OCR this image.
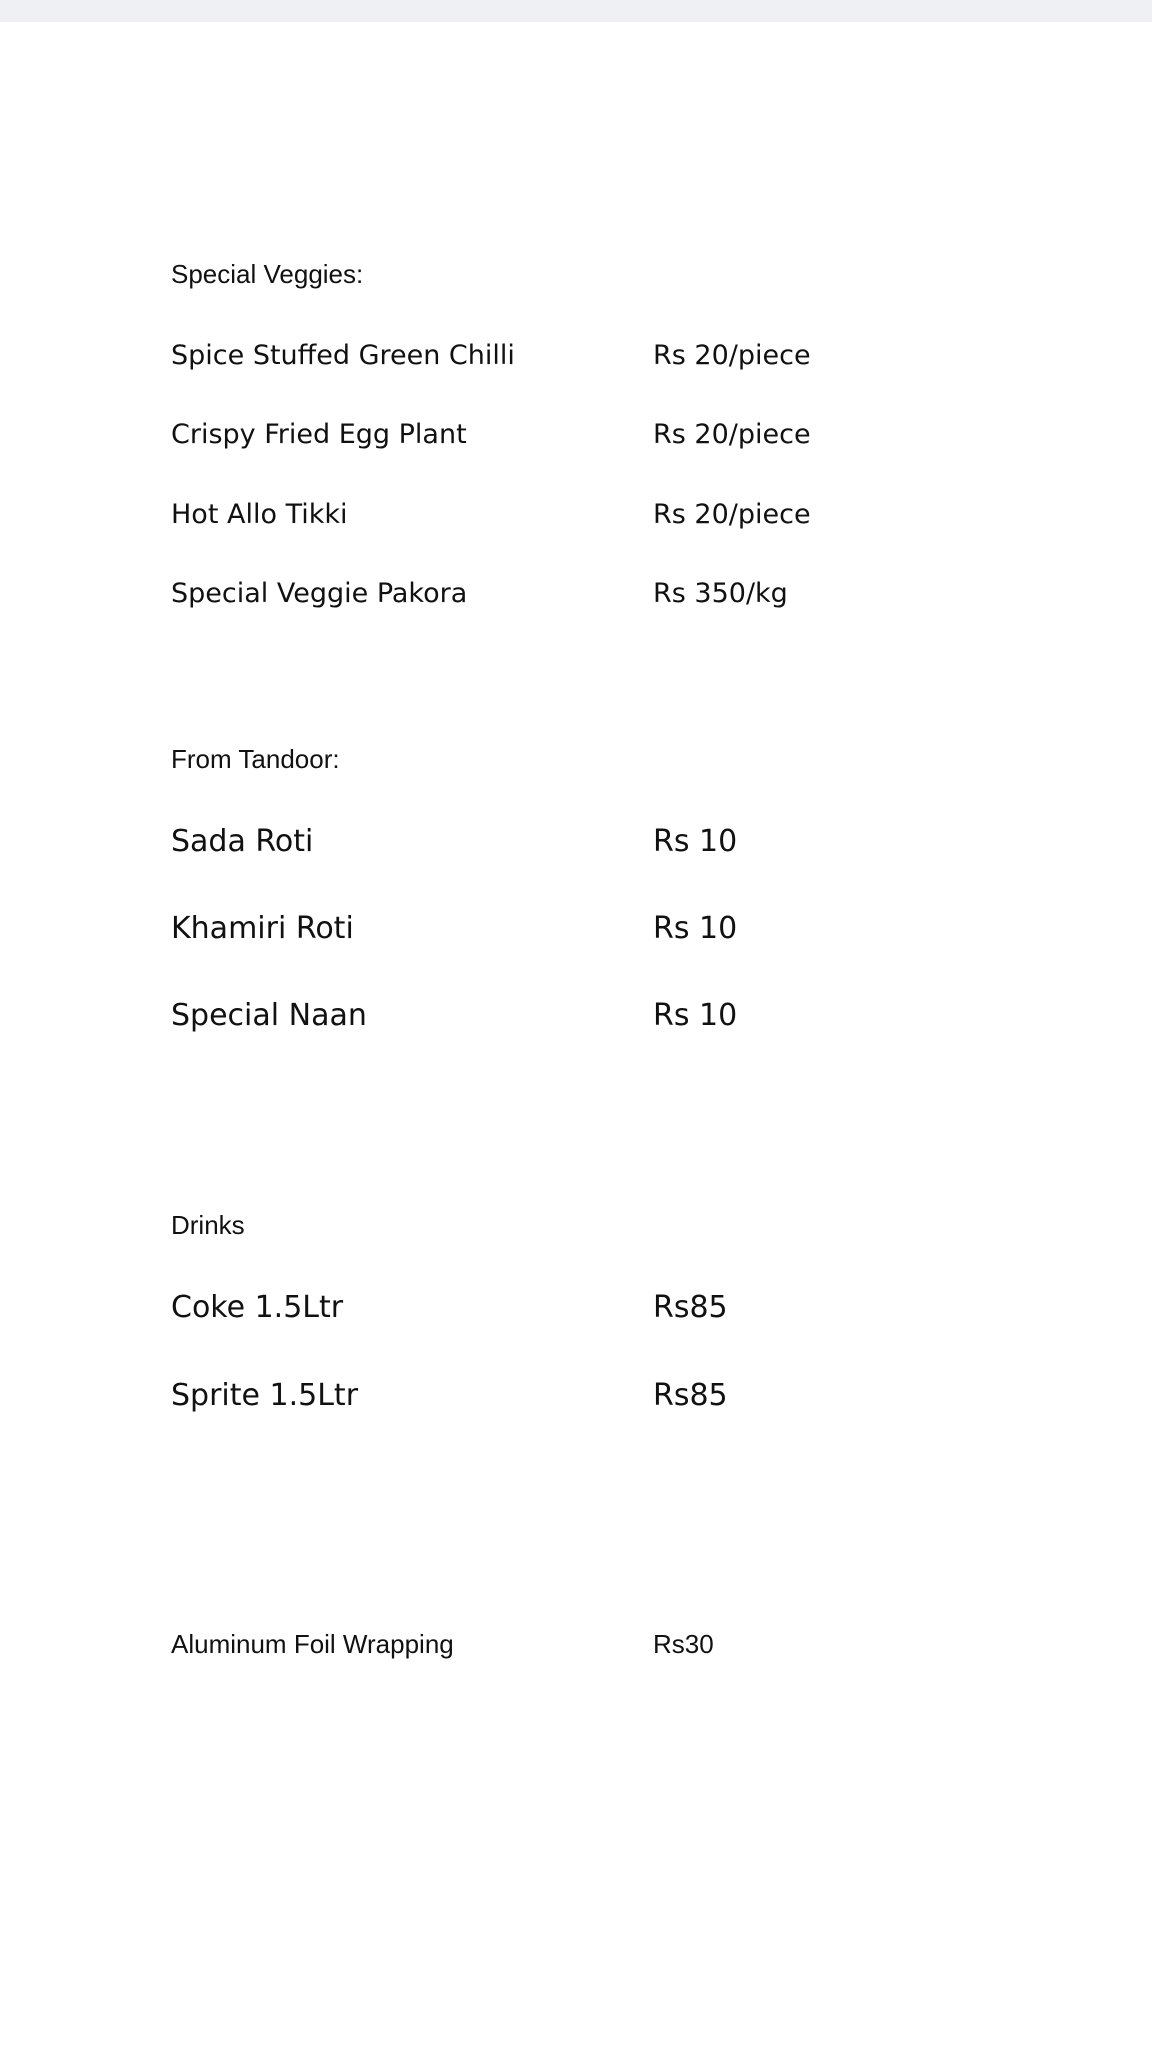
Special Veggies:
Spice Stuffed Green Chilli	Rs 20/piece
Crispy Fried Egg Plant	Rs 20/piece
Hot Allo Tikki	Rs 20/piece
Special Veggie Pakora	Rs 350/kg
From Tandoor:
Sada Roti	Rs 10
Khamiri Roti	Rs 10
Special Naan	Rs 10
Drinks
Coke 1.5Ltr	Rs85
Sprite 1.5Ltr	Rs85
Aluminum Foil Wrapping	Rs30
